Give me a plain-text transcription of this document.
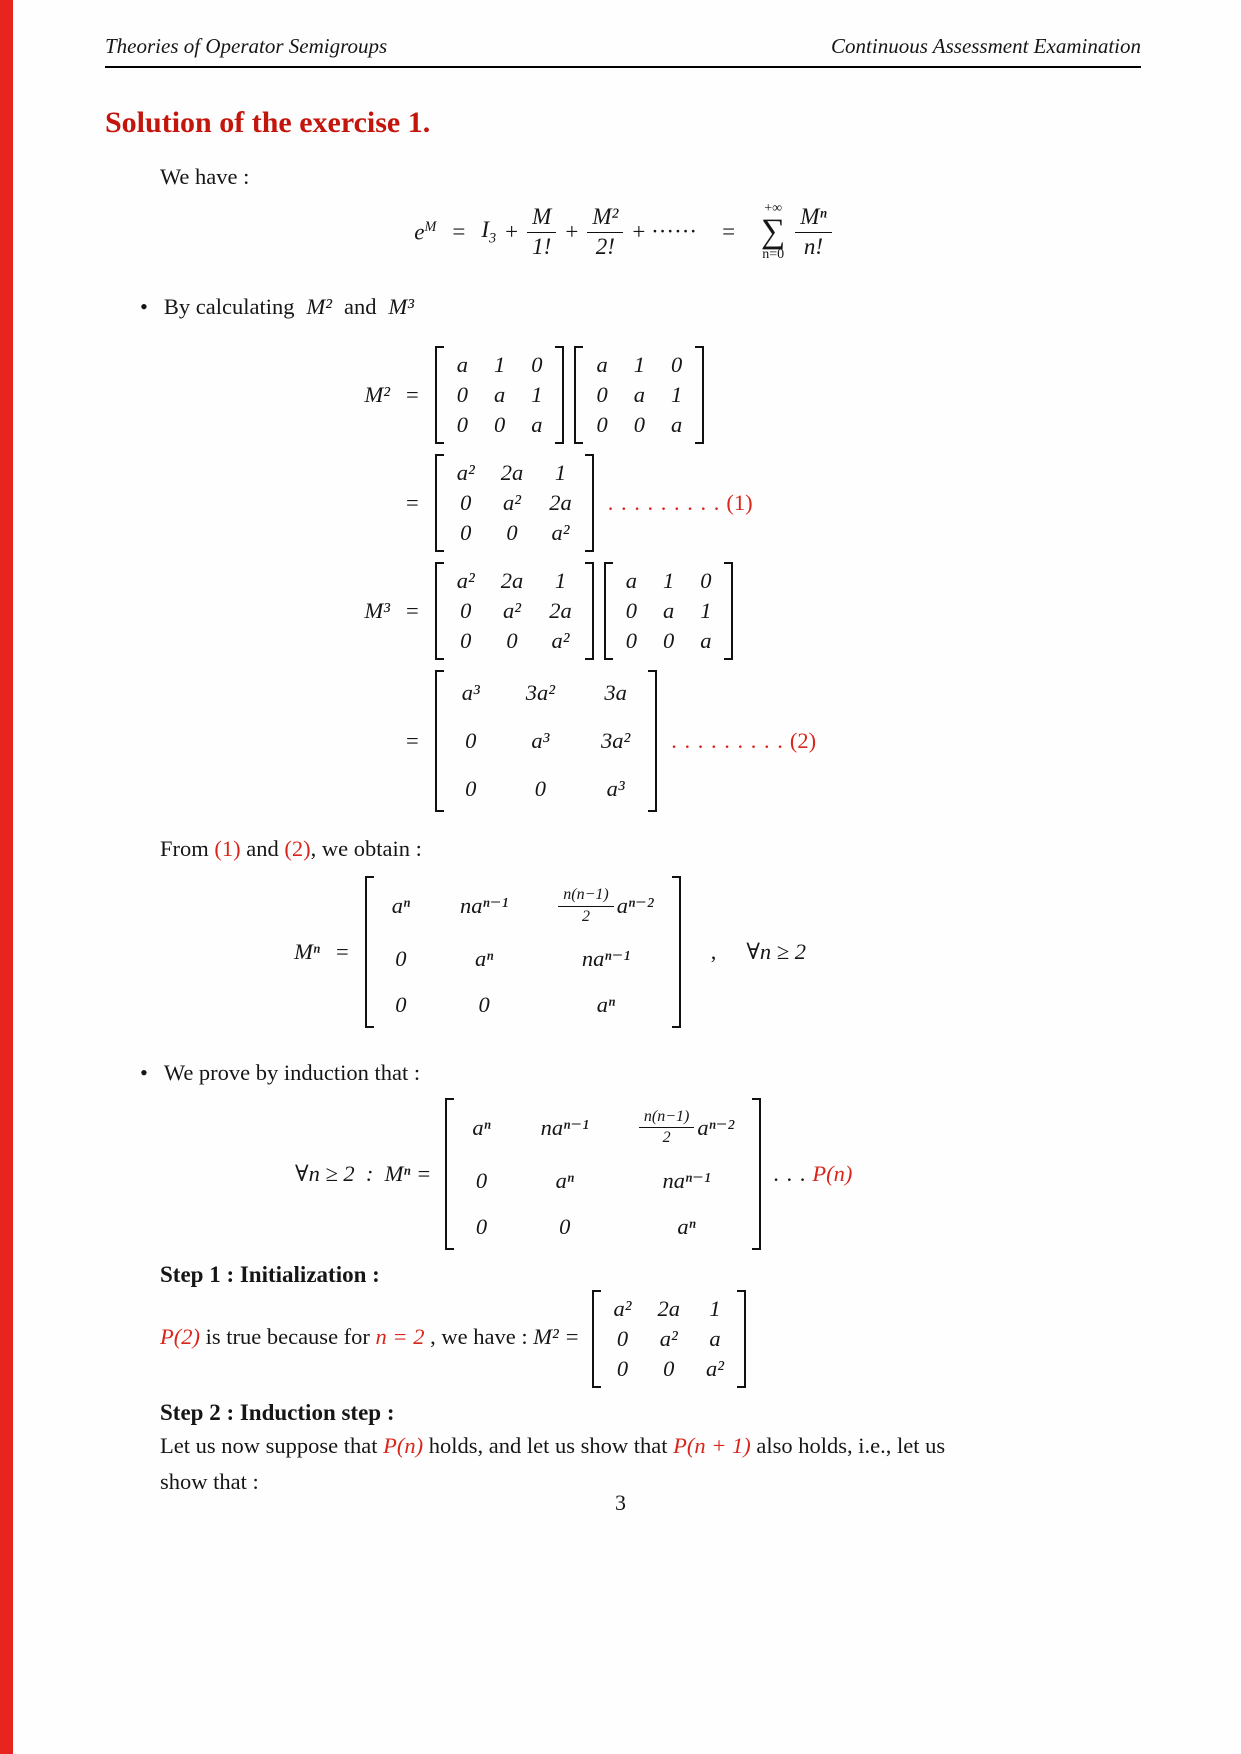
Theories of Operator Semigroups	Continuous Assessment Examination
Solution of the exercise 1.

We have :

$e^M = I_3 + \frac{M}{1!} + \frac{\text{M²}}{2!}$ + ······ =
+∞
∑
$n=0 \frac{\text{Mⁿ}}{n!}$
• By calculating M² and M³
M² =
a 1 0
0 a 1
0 0 a
a 1 0
0 a 1
0 0 a
=
a² 2a 1
0 a² 2a
0 0 a²
. . . . . . . . . (1)
M³ =
a² 2a 1
0 a² 2a
0 0 a²
a 1 0
0 a 1
0 0 a
=
a³ 3a² 3a
0 a³ 3a²
0	0	a³
. . . . . . . . . (2)

From (1) and (2), we obtain :

Mⁿ =
aⁿ naⁿ⁻¹	$\frac{n(n-1)}{2} a^{n-2}$
0	aⁿ	naⁿ⁻¹
0	0	aⁿ
, ∀n ≥ 2
• We prove by induction that :
∀n ≥ 2  :  Mⁿ =
aⁿ naⁿ⁻¹	$\frac{n(n-1)}{2} a^{n-2}$
0	aⁿ	naⁿ⁻¹
0	0	aⁿ
. . . P(n)
Step 1 : Initialization :
P(2) is true because for n = 2 , we have : M² =
a² 2a 1
0 a² a
0 0 a²
Step 2 : Induction step :

Let us now suppose that P(n) holds, and let us show that P(n + 1) also holds, i.e., let us

show that :

3
